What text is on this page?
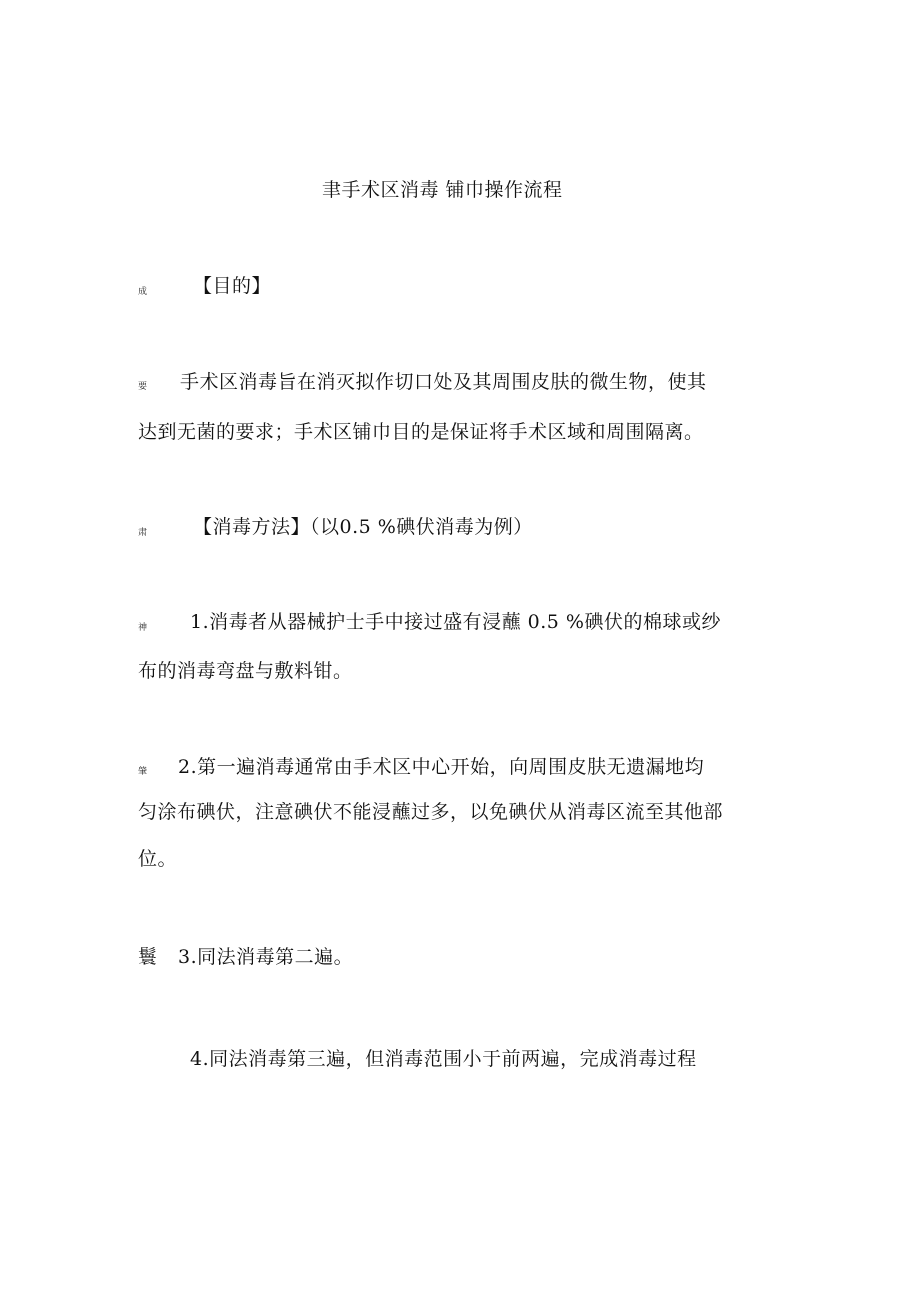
聿手术区消毒 铺巾操作流程
成 【目的】
要 手术区消毒旨在消灭拟作切口处及其周围皮肤的微生物，使其
达到无菌的要求；手术区铺巾目的是保证将手术区域和周围隔离。
肃 【消毒方法】（以0.5 %碘伏消毒为例）
神 1.消毒者从器械护士手中接过盛有浸蘸 0.5 %碘伏的棉球或纱
布的消毒弯盘与敷料钳。
肇 2.第一遍消毒通常由手术区中心开始，向周围皮肤无遗漏地均
匀涂布碘伏，注意碘伏不能浸蘸过多，以免碘伏从消毒区流至其他部
位。
鬟 3.同法消毒第二遍。
4.同法消毒第三遍，但消毒范围小于前两遍，完成消毒过程
